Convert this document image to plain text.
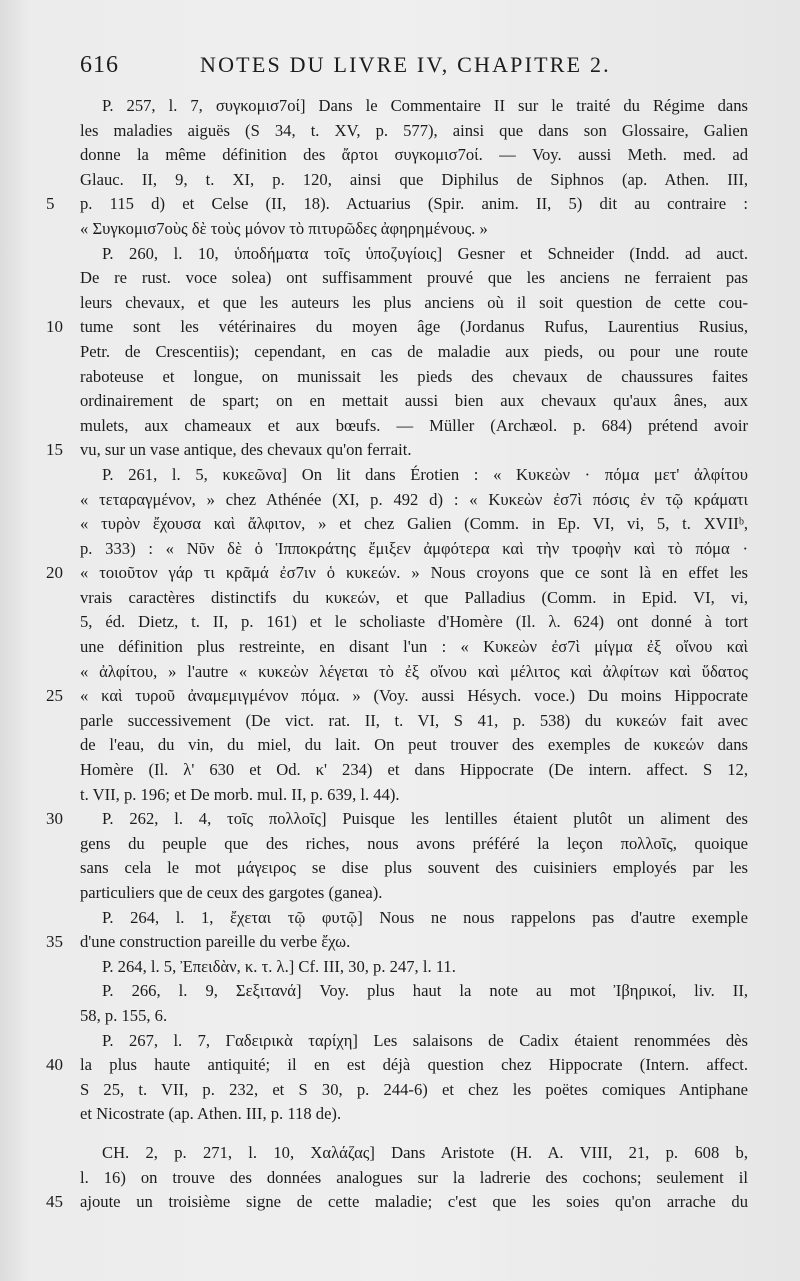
616	NOTES DU LIVRE IV, CHAPITRE 2.
P. 257, l. 7, συγκομισ7οί] Dans le Commentaire II sur le traité du Régime dans
les maladies aiguës (S 34, t. XV, p. 577), ainsi que dans son Glossaire, Galien
donne la même définition des ἄρτοι συγκομισ7οί. — Voy. aussi Meth. med. ad
Glauc. II, 9, t. XI, p. 120, ainsi que Diphilus de Siphnos (ap. Athen. III,
5 p. 115 d) et Celse (II, 18). Actuarius (Spir. anim. II, 5) dit au contraire :
« Συγκομισ7οὺς δὲ τοὺς μόνον τὸ πιτυρῶδες ἀφηρημένους. »
P. 260, l. 10, ὑποδήματα τοῖς ὑποζυγίοις] Gesner et Schneider (Indd. ad auct.
De re rust. voce solea) ont suffisamment prouvé que les anciens ne ferraient pas
leurs chevaux, et que les auteurs les plus anciens où il soit question de cette cou-
10 tume sont les vétérinaires du moyen âge (Jordanus Rufus, Laurentius Rusius,
Petr. de Crescentiis); cependant, en cas de maladie aux pieds, ou pour une route
raboteuse et longue, on munissait les pieds des chevaux de chaussures faites
ordinairement de spart; on en mettait aussi bien aux chevaux qu'aux ânes, aux
mulets, aux chameaux et aux bœufs. — Müller (Archæol. p. 684) prétend avoir
15 vu, sur un vase antique, des chevaux qu'on ferrait.
P. 261, l. 5, κυκεῶνα] On lit dans Érotien : « Κυκεὼν · πόμα μετ' ἀλφίτου
« τεταραγμένον, » chez Athénée (XI, p. 492 d) : « Κυκεὼν ἐσ7ὶ πόσις ἐν τῷ κράματι
« τυρὸν ἔχουσα καὶ ἄλφιτον, » et chez Galien (Comm. in Ep. VI, vi, 5, t. XVIIᵇ,
p. 333) : « Νῦν δὲ ὁ Ἱπποκράτης ἔμιξεν ἀμφότερα καὶ τὴν τροφὴν καὶ τὸ πόμα ·
20 « τοιοῦτον γάρ τι κρᾶμά ἐσ7ιν ὁ κυκεών. » Nous croyons que ce sont là en effet les
vrais caractères distinctifs du κυκεών, et que Palladius (Comm. in Epid. VI, vi,
5, éd. Dietz, t. II, p. 161) et le scholiaste d'Homère (Il. λ. 624) ont donné à tort
une définition plus restreinte, en disant l'un : « Κυκεὼν ἐσ7ὶ μίγμα ἐξ οἴνου καὶ
« ἀλφίτου, » l'autre « κυκεὼν λέγεται τὸ ἐξ οἴνου καὶ μέλιτος καὶ ἀλφίτων καὶ ὕδατος
25 « καὶ τυροῦ ἀναμεμιγμένον πόμα. » (Voy. aussi Hésych. voce.) Du moins Hippocrate
parle successivement (De vict. rat. II, t. VI, S 41, p. 538) du κυκεών fait avec
de l'eau, du vin, du miel, du lait. On peut trouver des exemples de κυκεών dans
Homère (Il. λ' 630 et Od. κ' 234) et dans Hippocrate (De intern. affect. S 12,
t. VII, p. 196; et De morb. mul. II, p. 639, l. 44).
30 P. 262, l. 4, τοῖς πολλοῖς] Puisque les lentilles étaient plutôt un aliment des
gens du peuple que des riches, nous avons préféré la leçon πολλοῖς, quoique
sans cela le mot μάγειρος se dise plus souvent des cuisiniers employés par les
particuliers que de ceux des gargotes (ganea).
P. 264, l. 1, ἔχεται τῷ φυτῷ] Nous ne nous rappelons pas d'autre exemple
35 d'une construction pareille du verbe ἔχω.
P. 264, l. 5, Ἐπειδὰν, κ. τ. λ.] Cf. III, 30, p. 247, l. 11.
P. 266, l. 9, Σεξιτανά] Voy. plus haut la note au mot Ἰβηρικοί, liv. II,
58, p. 155, 6.
P. 267, l. 7, Γαδειρικὰ ταρίχη] Les salaisons de Cadix étaient renommées dès
40 la plus haute antiquité; il en est déjà question chez Hippocrate (Intern. affect.
S 25, t. VII, p. 232, et S 30, p. 244-6) et chez les poëtes comiques Antiphane
et Nicostrate (ap. Athen. III, p. 118 de).
CH. 2, p. 271, l. 10, Χαλάζας] Dans Aristote (H. A. VIII, 21, p. 608 b,
l. 16) on trouve des données analogues sur la ladrerie des cochons; seulement il
45 ajoute un troisième signe de cette maladie; c'est que les soies qu'on arrache du
